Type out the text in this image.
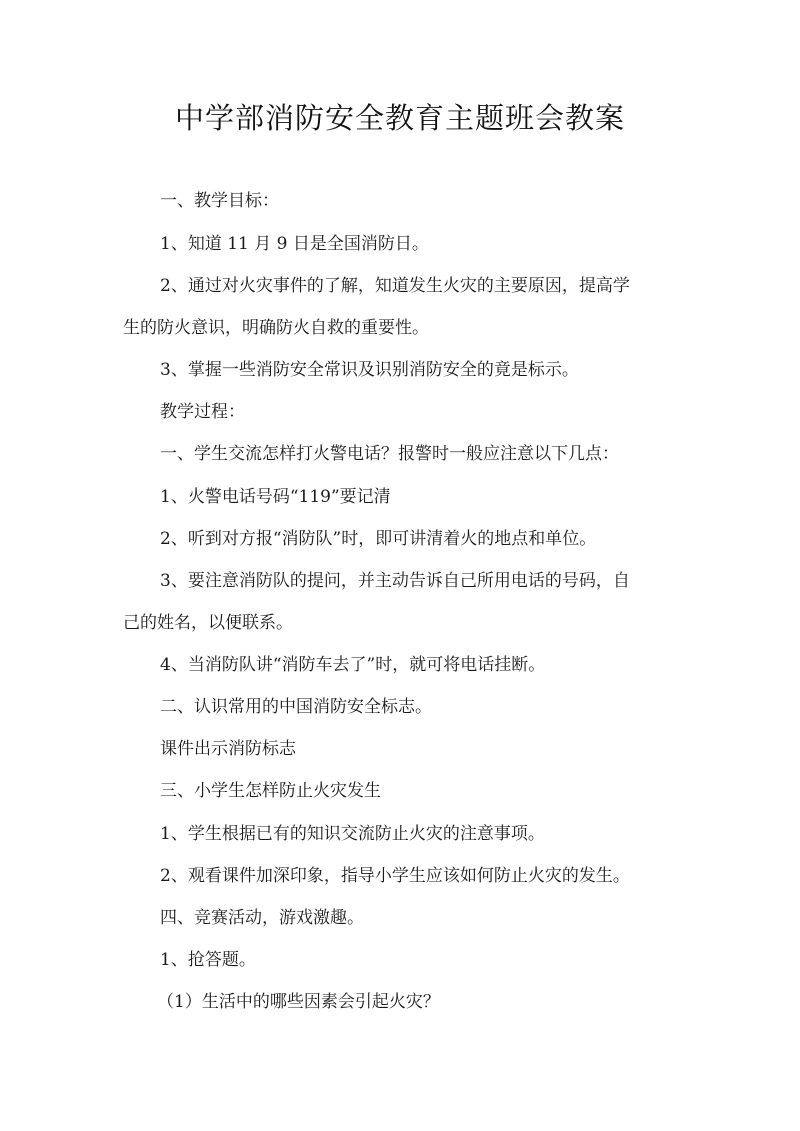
中学部消防安全教育主题班会教案

一、教学目标：

1、知道 11 月 9 日是全国消防日。

2、通过对火灾事件的了解，知道发生火灾的主要原因，提高学

生的防火意识，明确防火自救的重要性。

3、掌握一些消防安全常识及识别消防安全的竟是标示。

教学过程：

一、学生交流怎样打火警电话？报警时一般应注意以下几点：

1、火警电话号码“119”要记清

2、听到对方报“消防队”时，即可讲清着火的地点和单位。

3、要注意消防队的提问，并主动告诉自己所用电话的号码，自

己的姓名，以便联系。

4、当消防队讲“消防车去了”时，就可将电话挂断。

二、认识常用的中国消防安全标志。

课件出示消防标志

三、小学生怎样防止火灾发生

1、学生根据已有的知识交流防止火灾的注意事项。

2、观看课件加深印象，指导小学生应该如何防止火灾的发生。

四、竞赛活动，游戏激趣。

1、抢答题。

（1）生活中的哪些因素会引起火灾？
